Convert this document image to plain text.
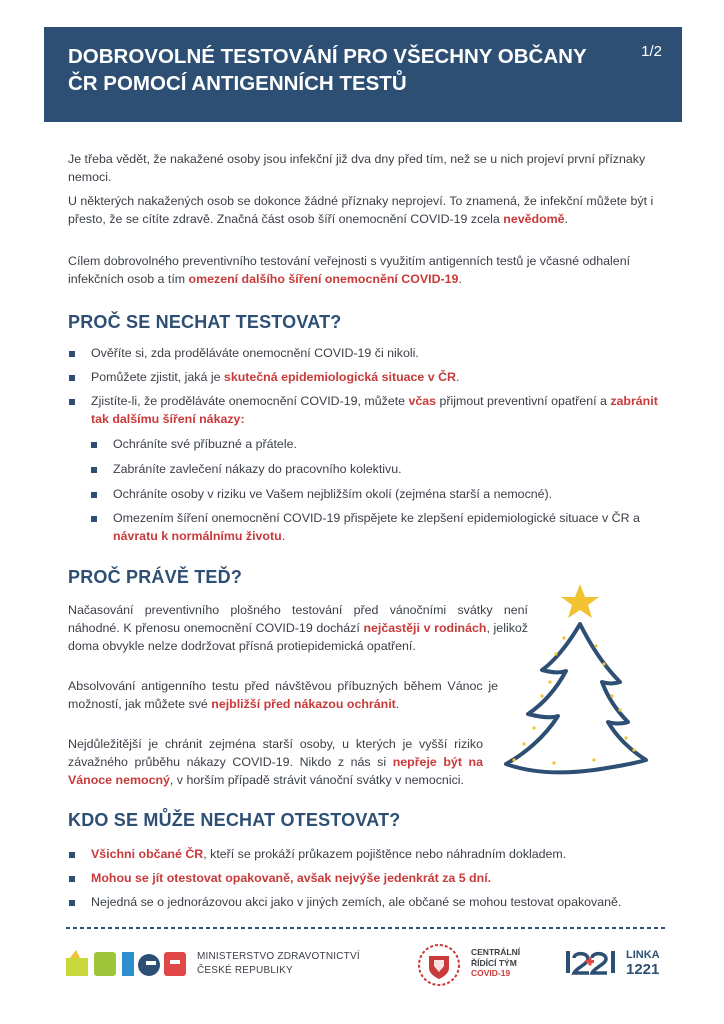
DOBROVOLNÉ TESTOVÁNÍ PRO VŠECHNY OBČANY ČR POMOCÍ ANTIGENNÍCH TESTŮ

1/2

Je třeba vědět, že nakažené osoby jsou infekční již dva dny před tím, než se u nich projeví první příznaky nemoci.

U některých nakažených osob se dokonce žádné příznaky neprojeví. To znamená, že infekční můžete být i přesto, že se cítíte zdravě. Značná část osob šíří onemocnění COVID-19 zcela nevědomě.

Cílem dobrovolného preventivního testování veřejnosti s využitím antigenních testů je včasné odhalení infekčních osob a tím omezení dalšího šíření onemocnění COVID-19.

PROČ SE NECHAT TESTOVAT?
Ověříte si, zda proděláváte onemocnění COVID-19 či nikoli.
Pomůžete zjistit, jaká je skutečná epidemiologická situace v ČR.
Zjistíte-li, že proděláváte onemocnění COVID-19, můžete včas přijmout preventivní opatření a zabránit tak dalšímu šíření nákazy:
Ochráníte své příbuzné a přátele.
Zabráníte zavlečení nákazy do pracovního kolektivu.
Ochráníte osoby v riziku ve Vašem nejbližším okolí (zejména starší a nemocné).
Omezením šíření onemocnění COVID-19 přispějete ke zlepšení epidemiologické situace v ČR a návratu k normálnímu životu.
PROČ PRÁVĚ TEĎ?

Načasování preventivního plošného testování před vánočními svátky není náhodné. K přenosu onemocnění COVID-19 dochází nejčastěji v rodinách, jelikož doma obvykle nelze dodržovat přísná protiepidemická opatření.

Absolvování antigenního testu před návštěvou příbuzných během Vánoc je možností, jak můžete své nejbližší před nákazou ochránit.

Nejdůležitější je chránit zejména starší osoby, u kterých je vyšší riziko závažného průběhu nákazy COVID-19. Nikdo z nás si nepřeje být na Vánoce nemocný, v horším případě strávit vánoční svátky v nemocnici.

KDO SE MŮŽE NECHAT OTESTOVAT?
Všichni občané ČR, kteří se prokáží průkazem pojištěnce nebo náhradním dokladem.
Mohou se jít otestovat opakovaně, avšak nejvýše jedenkrát za 5 dní.
Nejedná se o jednorázovou akci jako v jiných zemích, ale občané se mohou testovat opakovaně.
MINISTERSTVO ZDRAVOTNICTVÍ
ČESKÉ REPUBLIKY
CENTRÁLNÍ
ŘÍDÍCÍ TÝM
COVID-19
LINKA
1221
